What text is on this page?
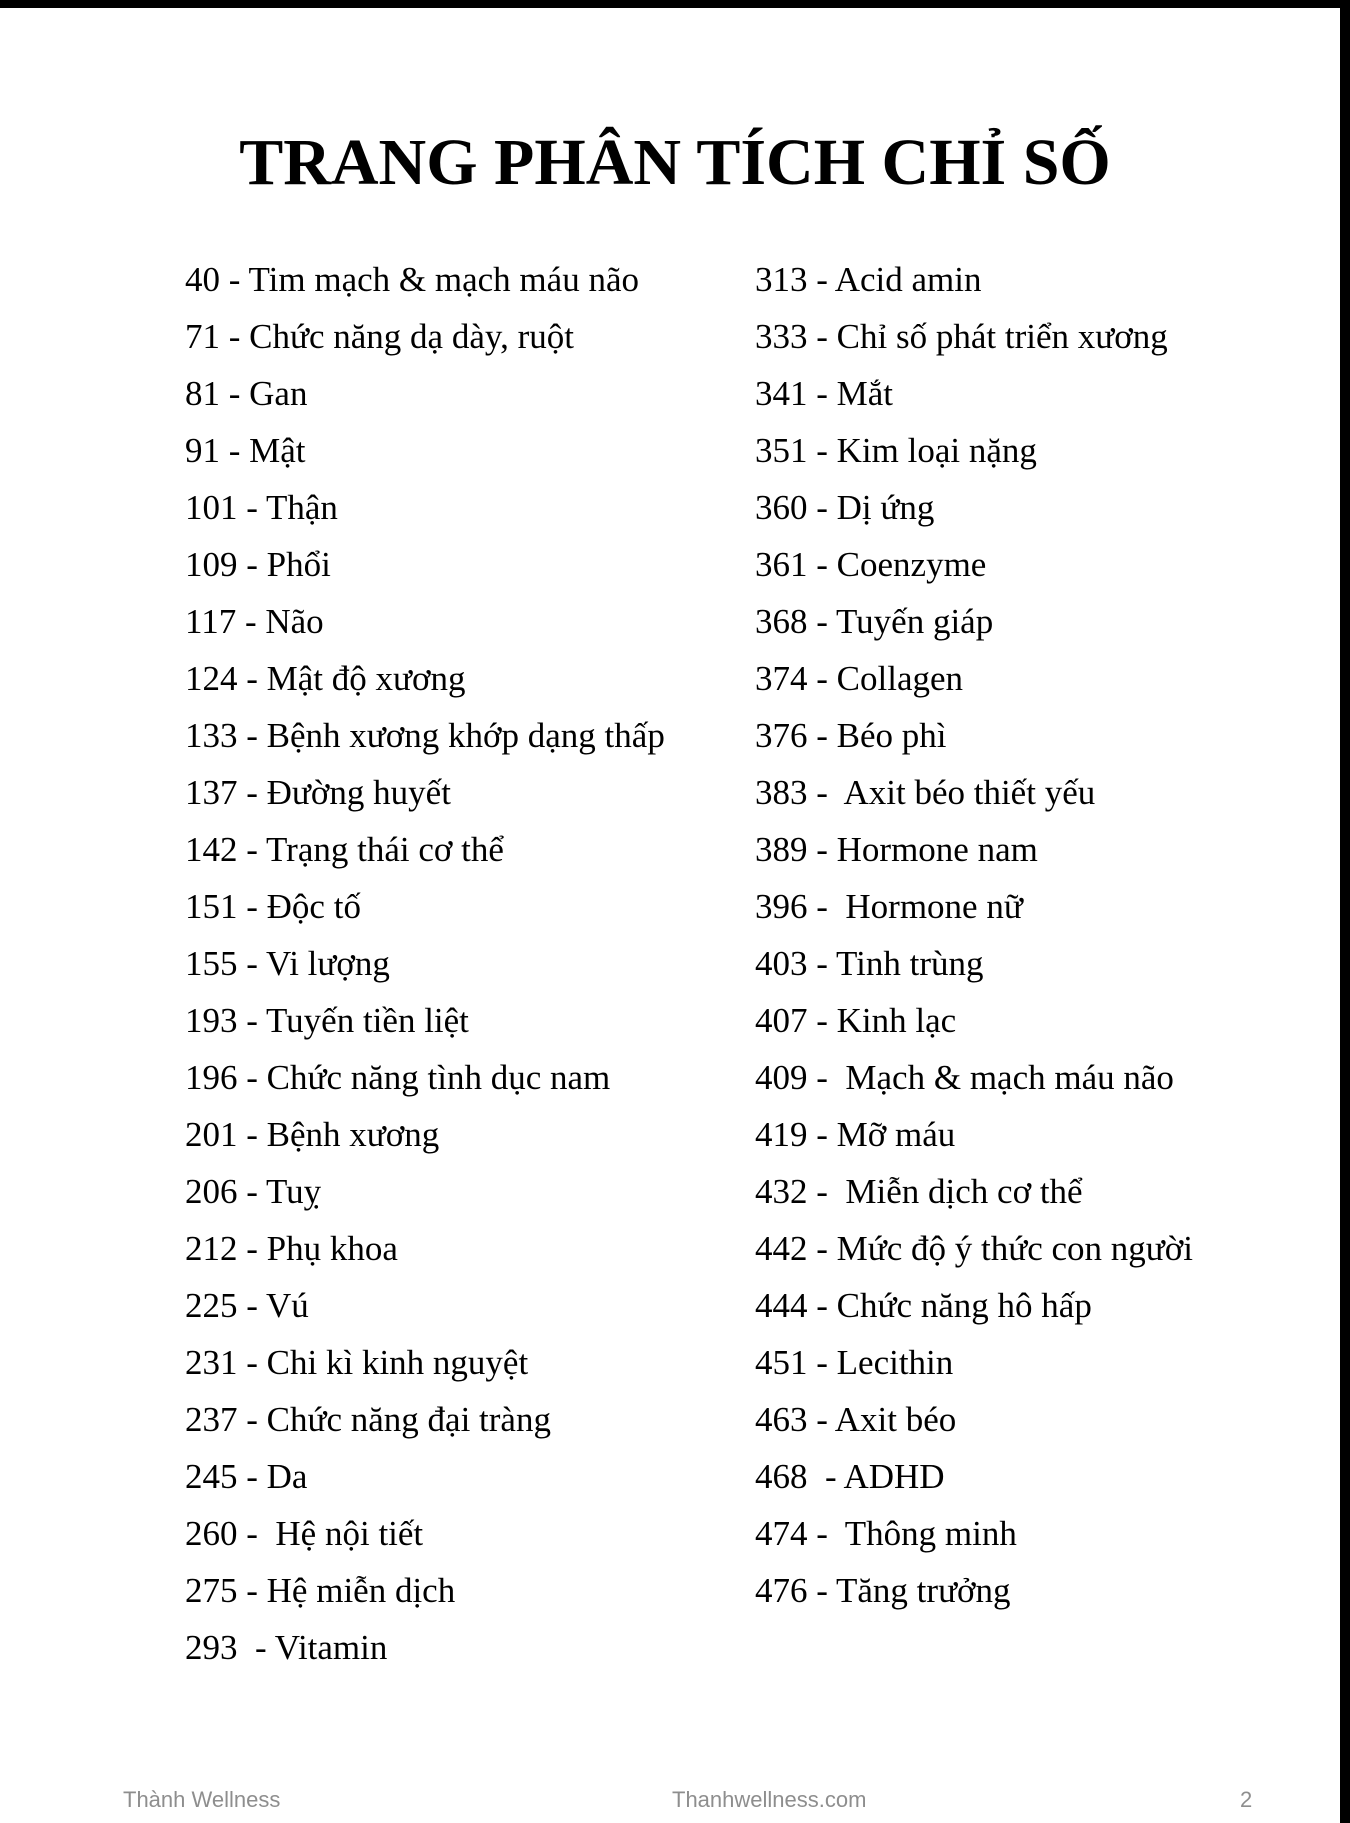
TRANG PHÂN TÍCH CHỈ SỐ
40 - Tim mạch & mạch máu não
71 - Chức năng dạ dày, ruột
81 - Gan
91 - Mật
101 - Thận
109 - Phổi
117 - Não
124 - Mật độ xương
133 - Bệnh xương khớp dạng thấp
137 - Đường huyết
142 - Trạng thái cơ thể
151 - Độc tố
155 - Vi lượng
193 - Tuyến tiền liệt
196 - Chức năng tình dục nam
201 - Bệnh xương
206 - Tuỵ
212 - Phụ khoa
225 - Vú
231 - Chi kì kinh nguyệt
237 - Chức năng đại tràng
245 - Da
260 -  Hệ nội tiết
275 - Hệ miễn dịch
293  - Vitamin
313 - Acid amin
333 - Chỉ số phát triển xương
341 - Mắt
351 - Kim loại nặng
360 - Dị ứng
361 - Coenzyme
368 - Tuyến giáp
374 - Collagen
376 - Béo phì
383 -  Axit béo thiết yếu
389 - Hormone nam
396 -  Hormone nữ
403 - Tinh trùng
407 - Kinh lạc
409 -  Mạch & mạch máu não
419 - Mỡ máu
432 -  Miễn dịch cơ thể
442 - Mức độ ý thức con người
444 - Chức năng hô hấp
451 - Lecithin
463 - Axit béo
468  - ADHD
474 -  Thông minh
476 - Tăng trưởng
Thành Wellness	Thanhwellness.com	2
